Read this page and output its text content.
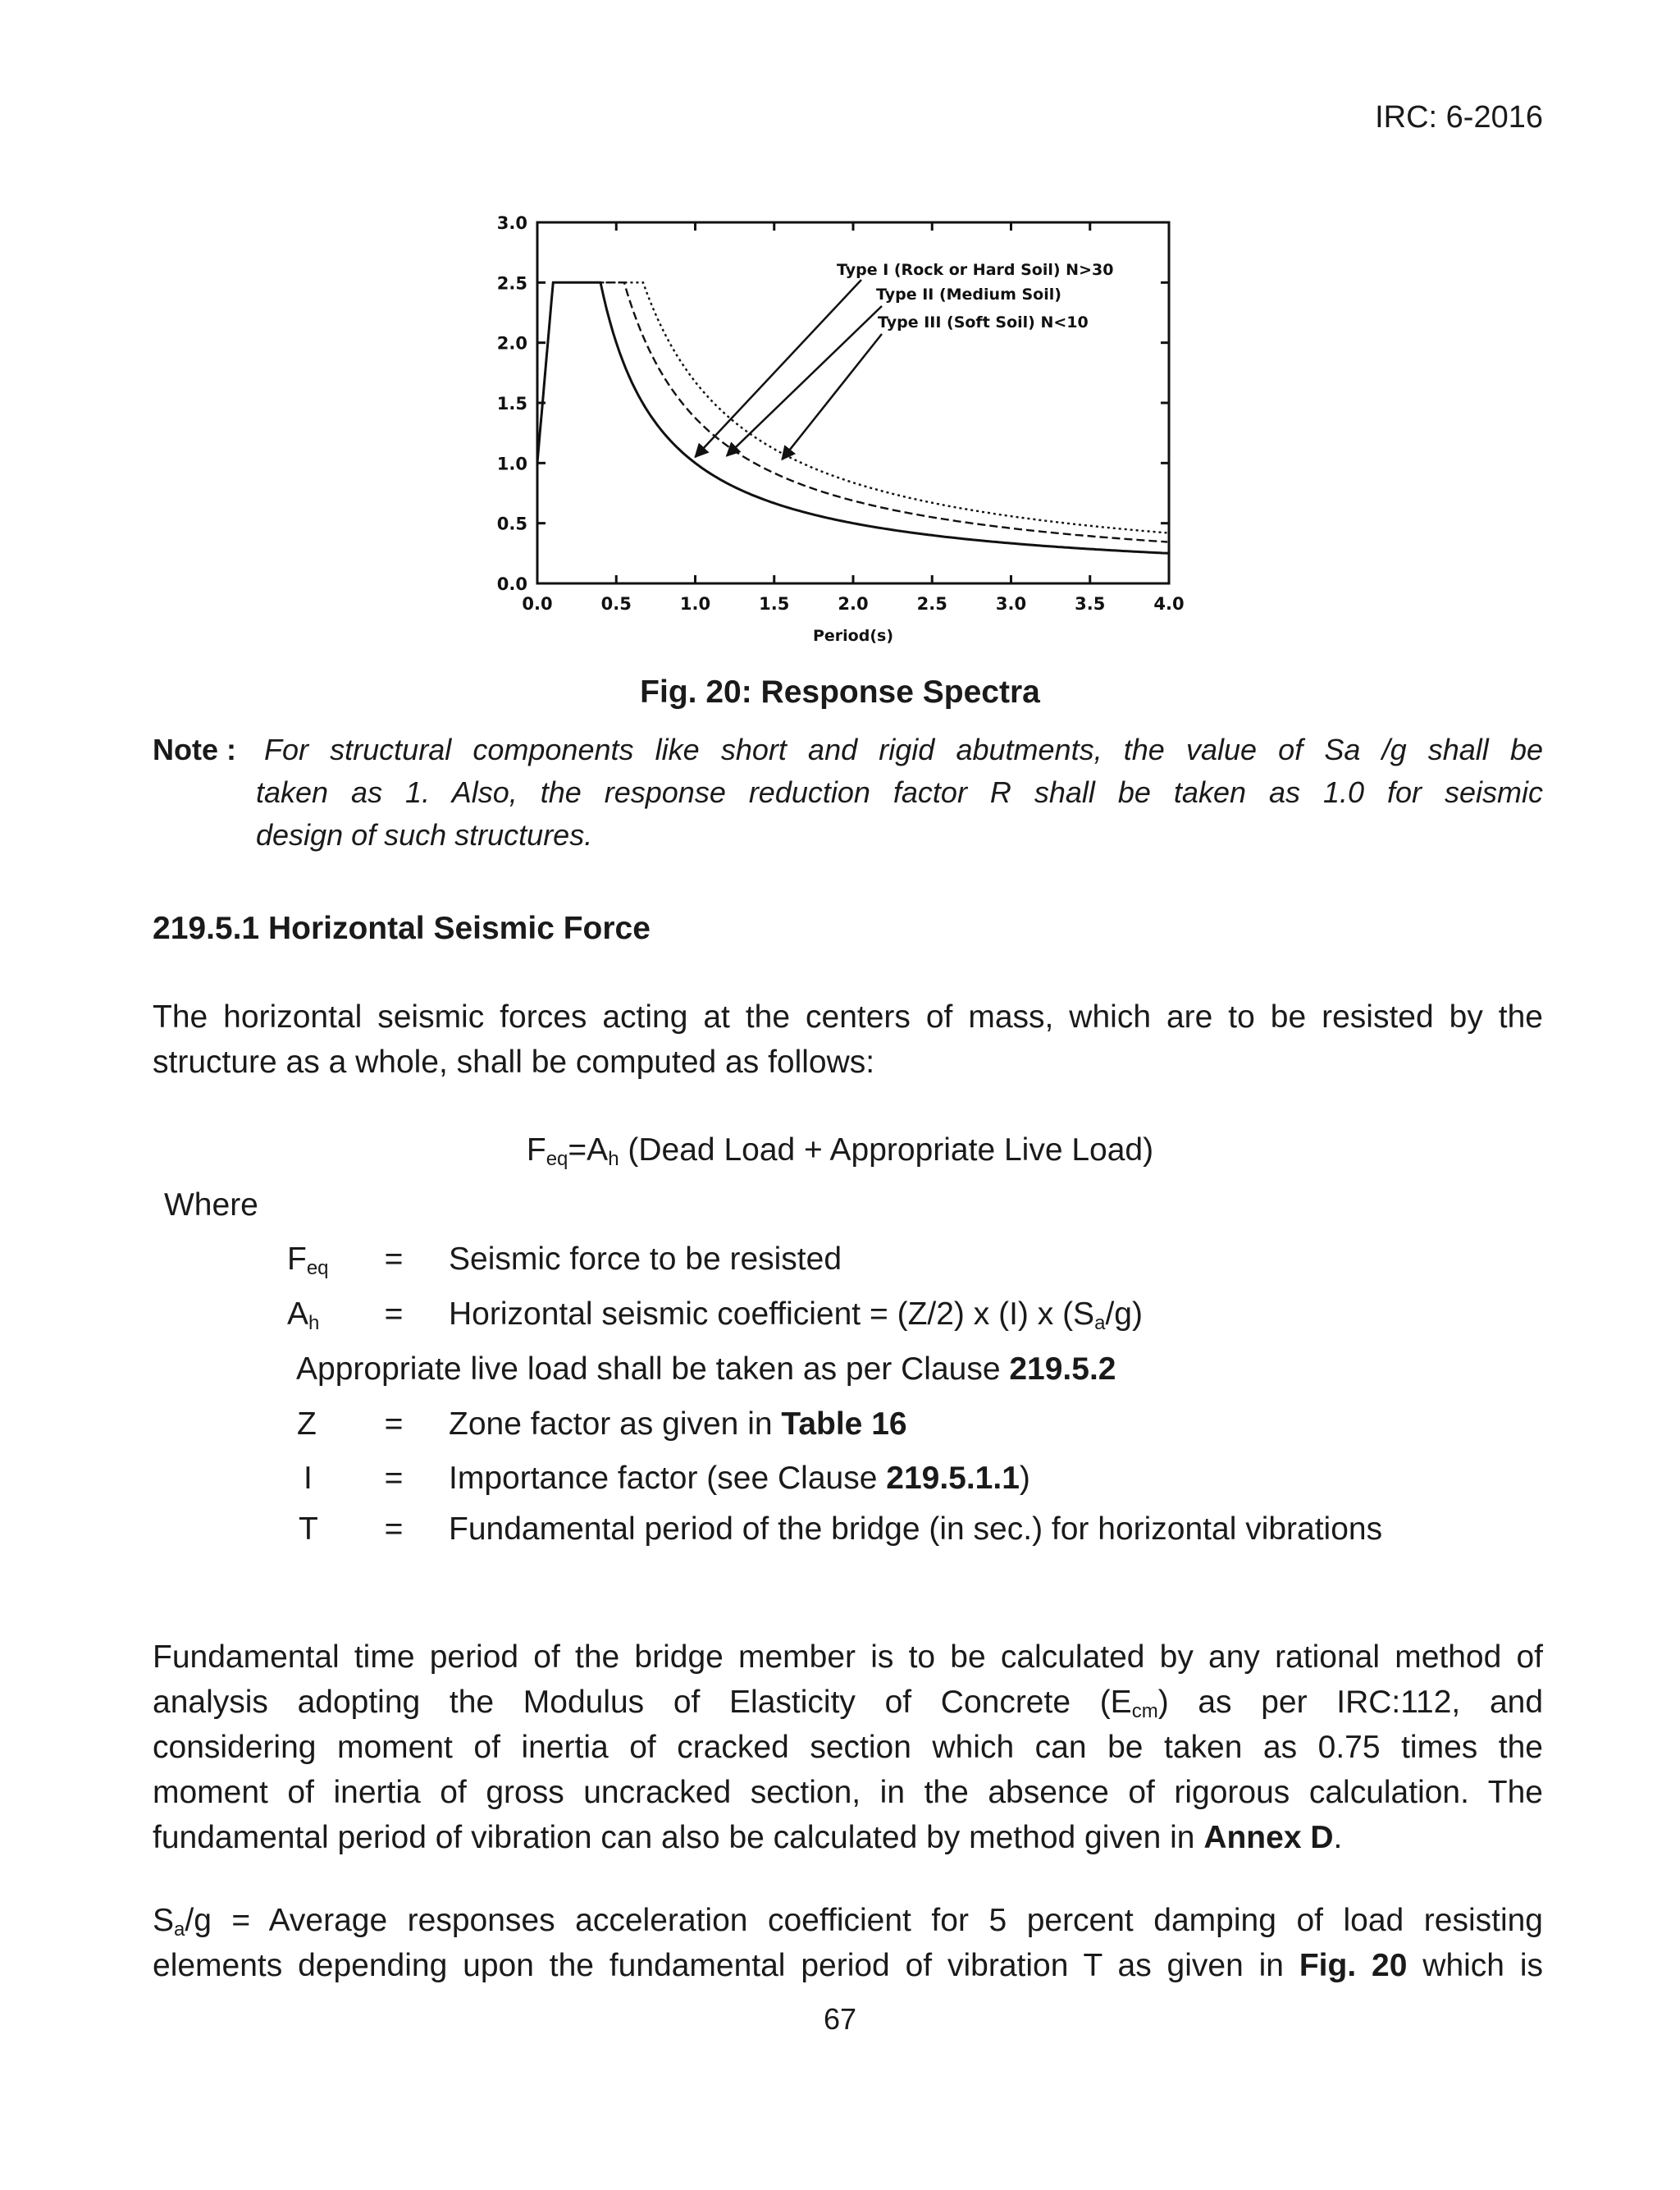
IRC: 6-2016
0.0	0.5	1.0	1.5	2.0	2.5	3.0	3.5	4.0
0.0
0.5
1.0
1.5
2.0
2.5
3.0
Period(s)
Type I (Rock or Hard Soil) N>30
Type II (Medium Soil)
Type III (Soft Soil) N<10
Fig. 20: Response Spectra
Note : For structural components like short and rigid abutments, the value of Sa /g shall be
taken as 1. Also, the response reduction factor R shall be taken as 1.0 for seismic
design of such structures.
219.5.1 Horizontal Seismic Force
The horizontal seismic forces acting at the centers of mass, which are to be resisted by the
structure as a whole, shall be computed as follows:
$F_{eq}=A_h$ (Dead Load + Appropriate Live Load)
Where
$F_{eq}$	=	Seismic force to be resisted
$A_h$	=	Horizontal seismic coefficient = (Z/2) x (I) x $(S_a/g)$
Appropriate live load shall be taken as per Clause 219.5.2
Z	=	Zone factor as given in Table 16
I	=	Importance factor (see Clause 219.5.1.1)
T	=	Fundamental period of the bridge (in sec.) for horizontal vibrations
Fundamental time period of the bridge member is to be calculated by any rational method of
analysis adopting the Modulus of Elasticity of Concrete $(E_{cm})$ as per IRC:112, and
considering moment of inertia of cracked section which can be taken as 0.75 times the
moment of inertia of gross uncracked section, in the absence of rigorous calculation. The
fundamental period of vibration can also be calculated by method given in Annex D.
$S_a/g$ = Average responses acceleration coefficient for 5 percent damping of load resisting
elements depending upon the fundamental period of vibration T as given in Fig. 20 which is
67
